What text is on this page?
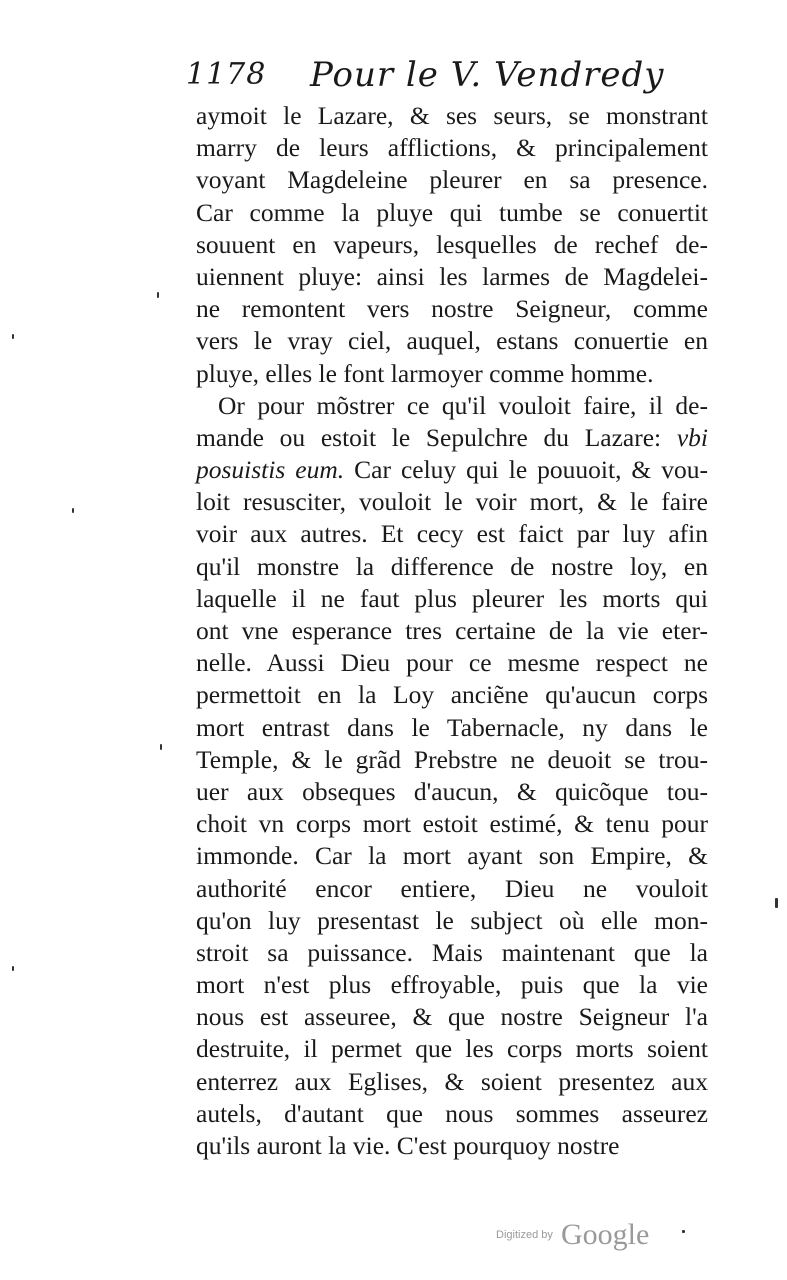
1178 Pour le V. Vendredy
aymoit le Lazare, & ses seurs, se monstrant
marry de leurs afflictions, & principalement
voyant Magdeleine pleurer en sa presence.
Car comme la pluye qui tumbe se conuertit
souuent en vapeurs, lesquelles de rechef de-
uiennent pluye: ainsi les larmes de Magdelei-
ne remontent vers nostre Seigneur, comme
vers le vray ciel, auquel, estans conuertie en
pluye, elles le font larmoyer comme homme.
Or pour mõstrer ce qu'il vouloit faire, il de-
mande ou estoit le Sepulchre du Lazare: vbi
posuistis eum. Car celuy qui le pouuoit, & vou-
loit resusciter, vouloit le voir mort, & le faire
voir aux autres. Et cecy est faict par luy afin
qu'il monstre la difference de nostre loy, en
laquelle il ne faut plus pleurer les morts qui
ont vne esperance tres certaine de la vie eter-
nelle. Aussi Dieu pour ce mesme respect ne
permettoit en la Loy anciẽne qu'aucun corps
mort entrast dans le Tabernacle, ny dans le
Temple, & le grãd Prebstre ne deuoit se trou-
uer aux obseques d'aucun, & quicõque tou-
choit vn corps mort estoit estimé, & tenu pour
immonde. Car la mort ayant son Empire, &
authorité encor entiere, Dieu ne vouloit
qu'on luy presentast le subject où elle mon-
stroit sa puissance. Mais maintenant que la
mort n'est plus effroyable, puis que la vie
nous est asseuree, & que nostre Seigneur l'a
destruite, il permet que les corps morts soient
enterrez aux Eglises, & soient presentez aux
autels, d'autant que nous sommes asseurez
qu'ils auront la vie. C'est pourquoy nostre
Digitized by Google
